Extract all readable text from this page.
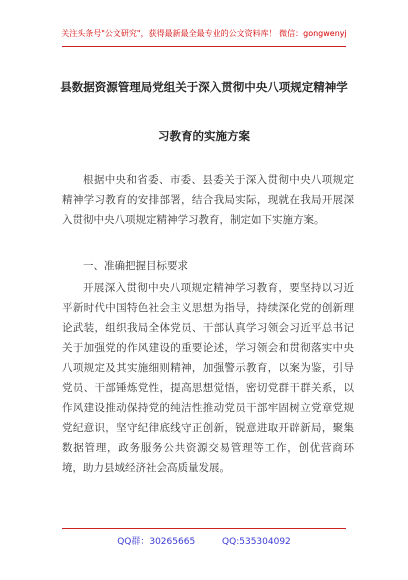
关注头条号"公文研究"，获得最新最全最专业的公文资料库！ 微信：gongwenyj
县数据资源管理局党组关于深入贯彻中央八项规定精神学
习教育的实施方案

根据中央和省委、市委、县委关于深入贯彻中央八项规定精神学习教育的安排部署，结合我局实际，现就在我局开展深入贯彻中央八项规定精神学习教育，制定如下实施方案。

一、准确把握目标要求

开展深入贯彻中央八项规定精神学习教育，要坚持以习近平新时代中国特色社会主义思想为指导，持续深化党的创新理论武装，组织我局全体党员、干部认真学习领会习近平总书记关于加强党的作风建设的重要论述，学习领会和贯彻落实中央八项规定及其实施细则精神，加强警示教育，以案为鉴，引导党员、干部锤炼党性，提高思想觉悟，密切党群干群关系，以作风建设推动保持党的纯洁性推动党员干部牢固树立党章党规党纪意识，坚守纪律底线守正创新，锐意进取开辟新局，聚集数据管理，政务服务公共资源交易管理等工作，创优营商环境，助力县域经济社会高质量发展。

QQ群：30265665	QQ:535304092
